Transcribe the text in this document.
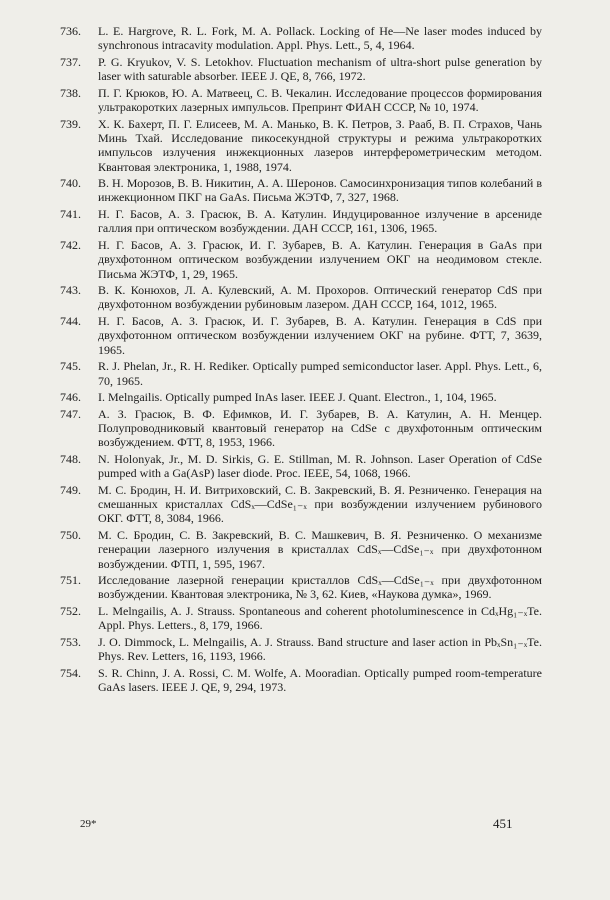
736.	L. E. Hargrove, R. L. Fork, M. A. Pollack. Locking of He—Ne laser modes induced by synchronous intracavity modulation. Appl. Phys. Lett., 5, 4, 1964.
737.	P. G. Kryukov, V. S. Letokhov. Fluctuation mechanism of ultra-short pulse generation by laser with saturable absorber. IEEE J. QE, 8, 766, 1972.
738.	П. Г. Крюков, Ю. А. Матвеец, С. В. Чекалин. Исследование процессов формирования ультракоротких лазерных импульсов. Препринт ФИАН СССР, № 10, 1974.
739.	Х. К. Бахерт, П. Г. Елисеев, М. А. Манько, В. К. Петров, З. Рааб, В. П. Страхов, Чань Минь Тхай. Исследование пикосекундной структуры и режима ультракоротких импульсов излучения инжекционных лазеров интерферометрическим методом. Квантовая электроника, 1, 1988, 1974.
740.	В. Н. Морозов, В. В. Никитин, А. А. Шеронов. Самосинхронизация типов колебаний в инжекционном ПКГ на GaAs. Письма ЖЭТФ, 7, 327, 1968.
741.	Н. Г. Басов, А. З. Грасюк, В. А. Катулин. Индуцированное излучение в арсениде галлия при оптическом возбуждении. ДАН СССР, 161, 1306, 1965.
742.	Н. Г. Басов, А. З. Грасюк, И. Г. Зубарев, В. А. Катулин. Генерация в GaAs при двухфотонном оптическом возбуждении излучением ОКГ на неодимовом стекле. Письма ЖЭТФ, 1, 29, 1965.
743.	В. К. Конюхов, Л. А. Кулевский, А. М. Прохоров. Оптический генератор CdS при двухфотонном возбуждении рубиновым лазером. ДАН СССР, 164, 1012, 1965.
744.	Н. Г. Басов, А. З. Грасюк, И. Г. Зубарев, В. А. Катулин. Генерация в CdS при двухфотонном оптическом возбуждении излучением ОКГ на рубине. ФТТ, 7, 3639, 1965.
745.	R. J. Phelan, Jr., R. H. Rediker. Optically pumped semiconductor laser. Appl. Phys. Lett., 6, 70, 1965.
746.	I. Melngailis. Optically pumped InAs laser. IEEE J. Quant. Electron., 1, 104, 1965.
747.	А. З. Грасюк, В. Ф. Ефимков, И. Г. Зубарев, В. А. Катулин, А. Н. Менцер. Полупроводниковый квантовый генератор на CdSe с двухфотонным оптическим возбуждением. ФТТ, 8, 1953, 1966.
748.	N. Holonyak, Jr., M. D. Sirkis, G. E. Stillman, M. R. Johnson. Laser Operation of CdSe pumped with a Ga(AsP) laser diode. Proc. IEEE, 54, 1068, 1966.
749.	М. С. Бродин, Н. И. Витриховский, С. В. Закревский, В. Я. Резниченко. Генерация на смешанных кристаллах CdSₓ—CdSe₁₋ₓ при возбуждении излучением рубинового ОКГ. ФТТ, 8, 3084, 1966.
750.	М. С. Бродин, С. В. Закревский, В. С. Машкевич, В. Я. Резниченко. О механизме генерации лазерного излучения в кристаллах CdSₓ—CdSe₁₋ₓ при двухфотонном возбуждении. ФТП, 1, 595, 1967.
751.	Исследование лазерной генерации кристаллов CdSₓ—CdSe₁₋ₓ при двухфотонном возбуждении. Квантовая электроника, № 3, 62. Киев, «Наукова думка», 1969.
752.	L. Melngailis, A. J. Strauss. Spontaneous and coherent photoluminescence in CdₓHg₁₋ₓTe. Appl. Phys. Letters., 8, 179, 1966.
753.	J. O. Dimmock, L. Melngailis, A. J. Strauss. Band structure and laser action in PbₓSn₁₋ₓTe. Phys. Rev. Letters, 16, 1193, 1966.
754.	S. R. Chinn, J. A. Rossi, C. M. Wolfe, A. Mooradian. Optically pumped room-temperature GaAs lasers. IEEE J. QE, 9, 294, 1973.
29*	451
